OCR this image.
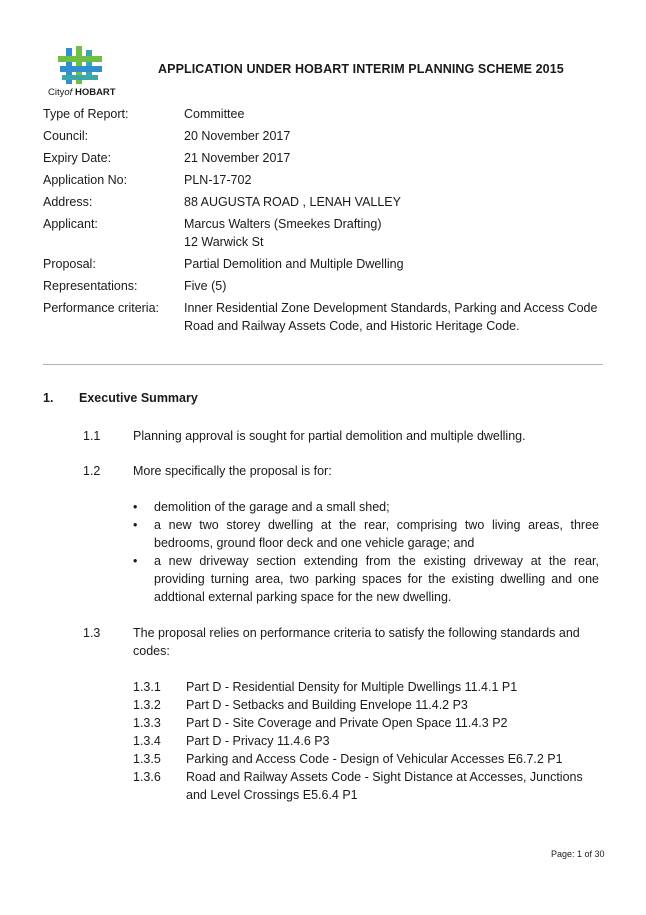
Cityof HOBART
APPLICATION UNDER HOBART INTERIM PLANNING SCHEME 2015
Type of Report:	Committee
Council:	20 November 2017
Expiry Date:	21 November 2017
Application No:	PLN-17-702
Address:	88 AUGUSTA ROAD , LENAH VALLEY
Applicant:	Marcus Walters (Smeekes Drafting)
12 Warwick St
Proposal:	Partial Demolition and Multiple Dwelling
Representations:	Five (5)
Performance criteria: Inner Residential Zone Development Standards, Parking and Access Code
Road and Railway Assets Code, and Historic Heritage Code.
1. Executive Summary
1.1	Planning approval is sought for partial demolition and multiple dwelling.
1.2	More specifically the proposal is for:
• demolition of the garage and a small shed;
• a new two storey dwelling at the rear, comprising two living areas, three bedrooms, ground floor deck and one vehicle garage; and
• a new driveway section extending from the existing driveway at the rear, providing turning area, two parking spaces for the existing dwelling and one addtional external parking space for the new dwelling.
1.3	The proposal relies on performance criteria to satisfy the following standards and codes:
1.3.1 Part D - Residential Density for Multiple Dwellings 11.4.1 P1
1.3.2 Part D - Setbacks and Building Envelope 11.4.2 P3
1.3.3 Part D - Site Coverage and Private Open Space 11.4.3 P2
1.3.4 Part D - Privacy 11.4.6 P3
1.3.5 Parking and Access Code - Design of Vehicular Accesses E6.7.2 P1
1.3.6 Road and Railway Assets Code - Sight Distance at Accesses, Junctions
and Level Crossings E5.6.4 P1
Page: 1 of 30
